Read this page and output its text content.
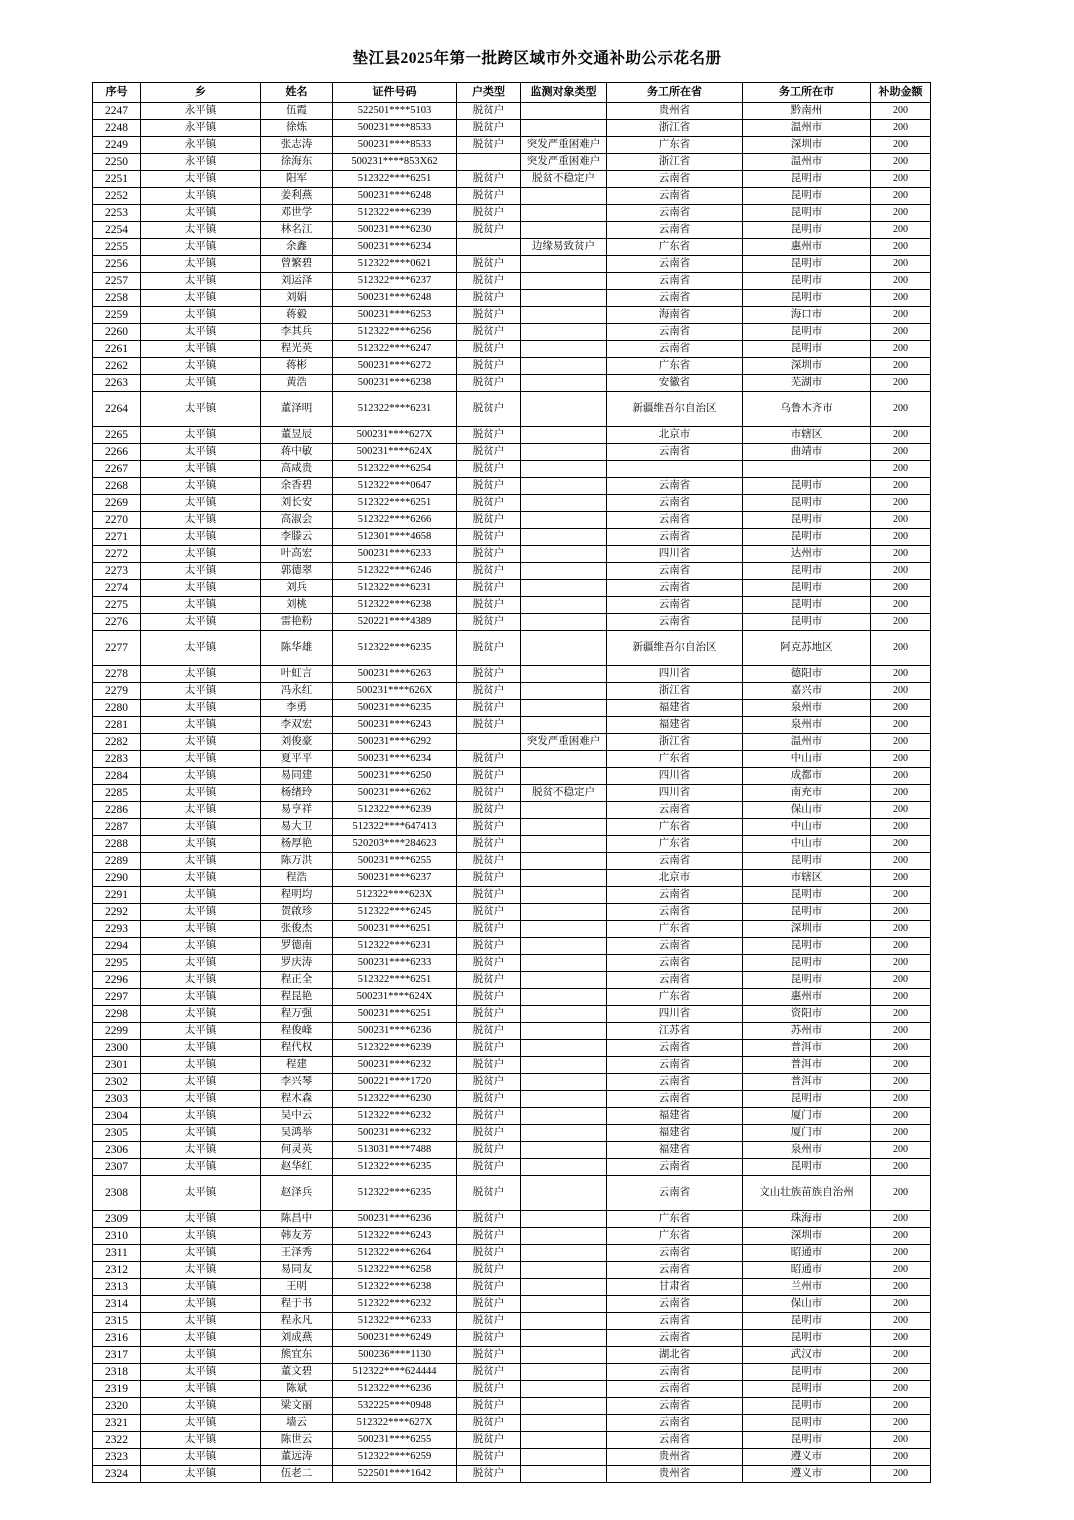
垫江县2025年第一批跨区域市外交通补助公示花名册
序号	乡	姓名	证件号码	户类型	监测对象类型	务工所在省	务工所在市	补助金额
2247	永平镇	伍霞	522501****5103	脱贫户		贵州省	黔南州	200
2248	永平镇	徐炼	500231****8533	脱贫户		浙江省	温州市	200
2249	永平镇	张志涛	500231****8533	脱贫户	突发严重困难户	广东省	深圳市	200
2250	永平镇	徐海东	500231****853X62		突发严重困难户	浙江省	温州市	200
2251	太平镇	阳军	512322****6251	脱贫户	脱贫不稳定户	云南省	昆明市	200
2252	太平镇	姜利燕	500231****6248	脱贫户		云南省	昆明市	200
2253	太平镇	邓世学	512322****6239	脱贫户		云南省	昆明市	200
2254	太平镇	林名江	500231****6230	脱贫户		云南省	昆明市	200
2255	太平镇	余鑫	500231****6234		边缘易致贫户	广东省	惠州市	200
2256	太平镇	曾繁碧	512322****0621	脱贫户		云南省	昆明市	200
2257	太平镇	刘运泽	512322****6237	脱贫户		云南省	昆明市	200
2258	太平镇	刘娟	500231****6248	脱贫户		云南省	昆明市	200
2259	太平镇	蒋毅	500231****6253	脱贫户		海南省	海口市	200
2260	太平镇	李其兵	512322****6256	脱贫户		云南省	昆明市	200
2261	太平镇	程光英	512322****6247	脱贫户		云南省	昆明市	200
2262	太平镇	蒋彬	500231****6272	脱贫户		广东省	深圳市	200
2263	太平镇	黄浩	500231****6238	脱贫户		安徽省	芜湖市	200
2264	太平镇	董泽明	512322****6231	脱贫户		新疆维吾尔自治区	乌鲁木齐市	200
2265	太平镇	董昱辰	500231****627X	脱贫户		北京市	市辖区	200
2266	太平镇	蒋中敏	500231****624X	脱贫户		云南省	曲靖市	200
2267	太平镇	高咸贵	512322****6254	脱贫户				200
2268	太平镇	余香碧	512322****0647	脱贫户		云南省	昆明市	200
2269	太平镇	刘长安	512322****6251	脱贫户		云南省	昆明市	200
2270	太平镇	高淑会	512322****6266	脱贫户		云南省	昆明市	200
2271	太平镇	李滕云	512301****4658	脱贫户		云南省	昆明市	200
2272	太平镇	叶高宏	500231****6233	脱贫户		四川省	达州市	200
2273	太平镇	郭德翠	512322****6246	脱贫户		云南省	昆明市	200
2274	太平镇	刘兵	512322****6231	脱贫户		云南省	昆明市	200
2275	太平镇	刘桃	512322****6238	脱贫户		云南省	昆明市	200
2276	太平镇	雷艳粉	520221****4389	脱贫户		云南省	昆明市	200
2277	太平镇	陈华雄	512322****6235	脱贫户		新疆维吾尔自治区	阿克苏地区	200
2278	太平镇	叶虹言	500231****6263	脱贫户		四川省	德阳市	200
2279	太平镇	冯永红	500231****626X	脱贫户		浙江省	嘉兴市	200
2280	太平镇	李勇	500231****6235	脱贫户		福建省	泉州市	200
2281	太平镇	李双宏	500231****6243	脱贫户		福建省	泉州市	200
2282	太平镇	刘俊豪	500231****6292		突发严重困难户	浙江省	温州市	200
2283	太平镇	夏平平	500231****6234	脱贫户		广东省	中山市	200
2284	太平镇	易同建	500231****6250	脱贫户		四川省	成都市	200
2285	太平镇	杨绪玲	500231****6262	脱贫户	脱贫不稳定户	四川省	南充市	200
2286	太平镇	易亨祥	512322****6239	脱贫户		云南省	保山市	200
2287	太平镇	易大卫	512322****647413	脱贫户		广东省	中山市	200
2288	太平镇	杨厚艳	520203****284623	脱贫户		广东省	中山市	200
2289	太平镇	陈万洪	500231****6255	脱贫户		云南省	昆明市	200
2290	太平镇	程浩	500231****6237	脱贫户		北京市	市辖区	200
2291	太平镇	程明均	512322****623X	脱贫户		云南省	昆明市	200
2292	太平镇	贺啟珍	512322****6245	脱贫户		云南省	昆明市	200
2293	太平镇	张俊杰	500231****6251	脱贫户		广东省	深圳市	200
2294	太平镇	罗德南	512322****6231	脱贫户		云南省	昆明市	200
2295	太平镇	罗庆涛	500231****6233	脱贫户		云南省	昆明市	200
2296	太平镇	程正全	512322****6251	脱贫户		云南省	昆明市	200
2297	太平镇	程昆艳	500231****624X	脱贫户		广东省	惠州市	200
2298	太平镇	程万强	500231****6251	脱贫户		四川省	资阳市	200
2299	太平镇	程俊峰	500231****6236	脱贫户		江苏省	苏州市	200
2300	太平镇	程代权	512322****6239	脱贫户		云南省	普洱市	200
2301	太平镇	程建	500231****6232	脱贫户		云南省	普洱市	200
2302	太平镇	李兴琴	500221****1720	脱贫户		云南省	普洱市	200
2303	太平镇	程木森	512322****6230	脱贫户		云南省	昆明市	200
2304	太平镇	吴中云	512322****6232	脱贫户		福建省	厦门市	200
2305	太平镇	吴鸿举	500231****6232	脱贫户		福建省	厦门市	200
2306	太平镇	何灵英	513031****7488	脱贫户		福建省	泉州市	200
2307	太平镇	赵华红	512322****6235	脱贫户		云南省	昆明市	200
2308	太平镇	赵泽兵	512322****6235	脱贫户		云南省	文山壮族苗族自治州	200
2309	太平镇	陈昌中	500231****6236	脱贫户		广东省	珠海市	200
2310	太平镇	韩友芳	512322****6243	脱贫户		广东省	深圳市	200
2311	太平镇	王泽秀	512322****6264	脱贫户		云南省	昭通市	200
2312	太平镇	易同友	512322****6258	脱贫户		云南省	昭通市	200
2313	太平镇	王明	512322****6238	脱贫户		甘肃省	兰州市	200
2314	太平镇	程于书	512322****6232	脱贫户		云南省	保山市	200
2315	太平镇	程永凡	512322****6233	脱贫户		云南省	昆明市	200
2316	太平镇	刘成燕	500231****6249	脱贫户		云南省	昆明市	200
2317	太平镇	熊宜东	500236****1130	脱贫户		湖北省	武汉市	200
2318	太平镇	董文碧	512322****624444	脱贫户		云南省	昆明市	200
2319	太平镇	陈斌	512322****6236	脱贫户		云南省	昆明市	200
2320	太平镇	梁文丽	532225****0948	脱贫户		云南省	昆明市	200
2321	太平镇	墙云	512322****627X	脱贫户		云南省	昆明市	200
2322	太平镇	陈世云	500231****6255	脱贫户		云南省	昆明市	200
2323	太平镇	董远涛	512322****6259	脱贫户		贵州省	遵义市	200
2324	太平镇	伍老二	522501****1642	脱贫户		贵州省	遵义市	200
